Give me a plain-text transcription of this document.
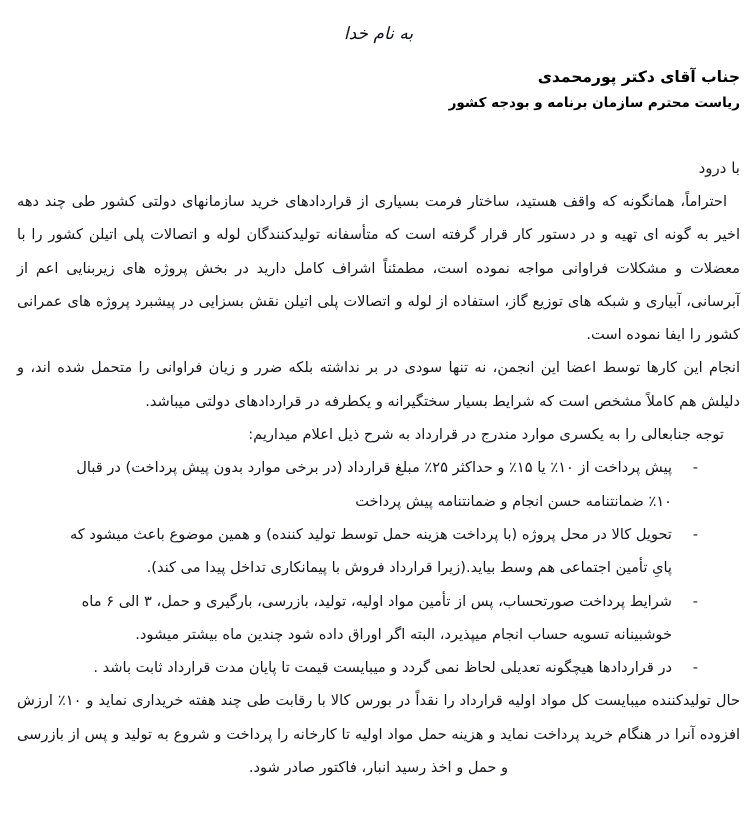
به نام خدا

جناب آقای دکتر پورمحمدی

ریاست محترم سازمان برنامه و بودجه کشور

با درود

احتراماً، همانگونه که واقف هستید، ساختار فرمت بسیاری از قراردادهای خرید سازمانهای دولتی کشور طی چند دهه اخیر به گونه ای تهیه و در دستور کار قرار گرفته است که متأسفانه تولیدکنندگان لوله و اتصالات پلی اتیلن کشور را با معضلات و مشکلات فراوانی مواجه نموده است، مطمئناً اشراف کامل دارید در بخش پروژه های زیربنایی اعم از آبرسانی، آبیاری و شبکه های توزیع گاز، استفاده از لوله و اتصالات پلی اتیلن نقش بسزایی در پیشبرد پروژه های عمرانی کشور را ایفا نموده است.

انجام این کارها توسط اعضا این انجمن، نه تنها سودی در بر نداشته بلکه ضرر و زیان فراوانی را متحمل شده اند، و دلیلش هم کاملاً مشخص است که شرایط بسیار سختگیرانه و یکطرفه در قراردادهای دولتی میباشد.

توجه جنابعالی را به یکسری موارد مندرج در قرارداد به شرح ذیل اعلام میداریم:

-
پیش پرداخت از ۱۰٪ یا ۱۵٪ و حداکثر ۲۵٪ مبلغ قرارداد (در برخی موارد بدون پیش پرداخت) در قبال ۱۰٪ ضمانتنامه حسن انجام و ضمانتنامه پیش پرداخت
-
تحویل کالا در محل پروژه (با پرداخت هزینه حمل توسط تولید کننده) و همین موضوع باعث میشود که پایِ تأمین اجتماعی هم وسط بیاید.(زیرا قرارداد فروش با پیمانکاری تداخل پیدا می کند).
-
شرایط پرداخت صورتحساب، پس از تأمین مواد اولیه، تولید، بازرسی، بارگیری و حمل، ۳ الی ۶ ماه خوشبینانه تسویه حساب انجام میپذیرد، البته اگر اوراق داده شود چندین ماه بیشتر میشود.
-
در قراردادها هیچگونه تعدیلی لحاظ نمی گردد و میبایست قیمت تا پایان مدت قرارداد ثابت باشد .

حال تولیدکننده میبایست کل مواد اولیه قرارداد را نقداً در بورس کالا با رقابت طی چند هفته خریداری نماید و ۱۰٪ ارزش افزوده آنرا در هنگام خرید پرداخت نماید و هزینه حمل مواد اولیه تا کارخانه را پرداخت و شروع به تولید و پس از بازرسی و حمل و اخذ رسید انبار، فاکتور صادر شود.
